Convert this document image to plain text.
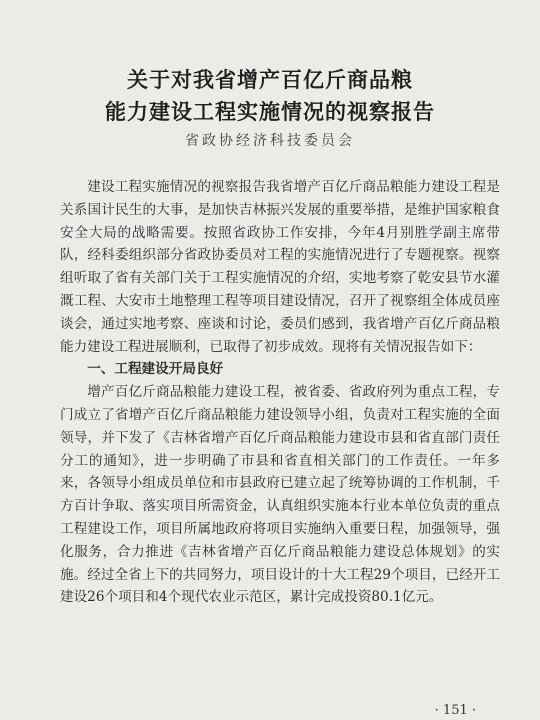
关于对我省增产百亿斤商品粮
能力建设工程实施情况的视察报告
省政协经济科技委员会

建设工程实施情况的视察报告我省增产百亿斤商品粮能力建设工程是关系国计民生的大事，是加快吉林振兴发展的重要举措，是维护国家粮食安全大局的战略需要。按照省政协工作安排，今年4月别胜学副主席带队，经科委组织部分省政协委员对工程的实施情况进行了专题视察。视察组听取了省有关部门关于工程实施情况的介绍，实地考察了乾安县节水灌溉工程、大安市土地整理工程等项目建设情况，召开了视察组全体成员座谈会，通过实地考察、座谈和讨论，委员们感到，我省增产百亿斤商品粮能力建设工程进展顺利，已取得了初步成效。现将有关情况报告如下：

一、工程建设开局良好

增产百亿斤商品粮能力建设工程，被省委、省政府列为重点工程，专门成立了省增产百亿斤商品粮能力建设领导小组，负责对工程实施的全面领导，并下发了《吉林省增产百亿斤商品粮能力建设市县和省直部门责任分工的通知》，进一步明确了市县和省直相关部门的工作责任。一年多来，各领导小组成员单位和市县政府已建立起了统筹协调的工作机制，千方百计争取、落实项目所需资金，认真组织实施本行业本单位负责的重点工程建设工作，项目所属地政府将项目实施纳入重要日程，加强领导，强化服务，合力推进《吉林省增产百亿斤商品粮能力建设总体规划》的实施。经过全省上下的共同努力，项目设计的十大工程29个项目，已经开工建设26个项目和4个现代农业示范区，累计完成投资80.1亿元。

· 151 ·
